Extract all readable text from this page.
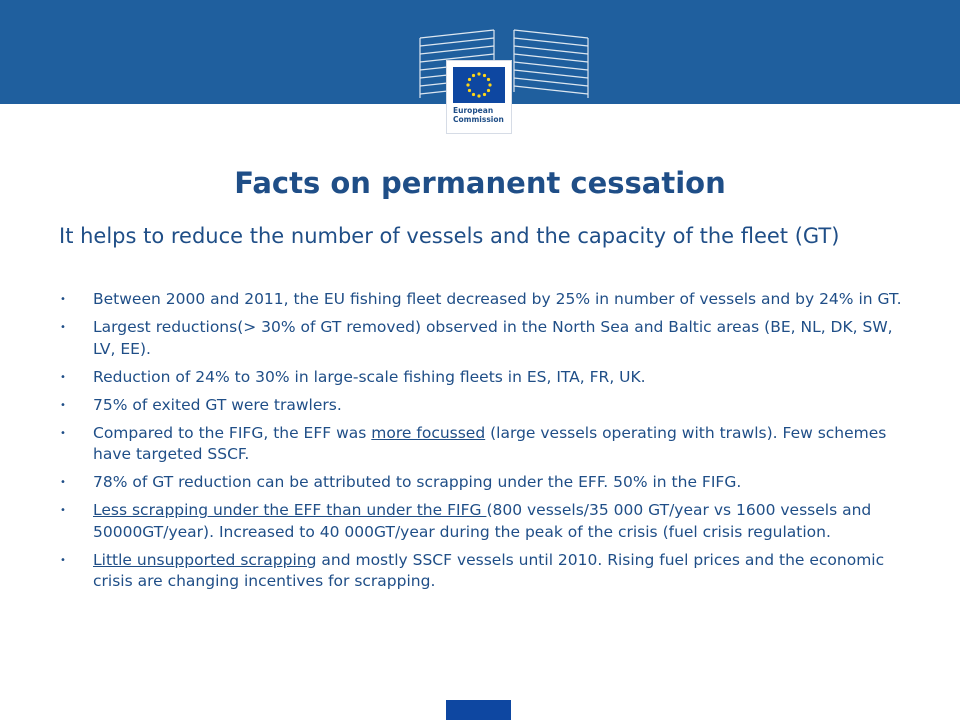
European
Commission
Facts on permanent cessation

It helps to reduce the number of vessels and the capacity of the fleet (GT)

• Between 2000 and 2011, the EU fishing fleet decreased by 25% in number of vessels and by 24% in GT.
• Largest reductions(> 30% of GT removed) observed in the North Sea and Baltic areas (BE, NL, DK, SW, LV, EE).
• Reduction of 24% to 30% in large-scale fishing fleets in ES, ITA, FR, UK.
• 75% of exited GT were trawlers.
• Compared to the FIFG, the EFF was more focussed (large vessels operating with trawls). Few schemes have targeted SSCF.
• 78% of GT reduction can be attributed to scrapping under the EFF. 50% in the FIFG.
• Less scrapping under the EFF than under the FIFG (800 vessels/35 000 GT/year vs 1600 vessels and 50000GT/year). Increased to 40 000GT/year during the peak of the crisis (fuel crisis regulation.
• Little unsupported scrapping and mostly SSCF vessels until 2010. Rising fuel prices and the economic crisis are changing incentives for scrapping.
